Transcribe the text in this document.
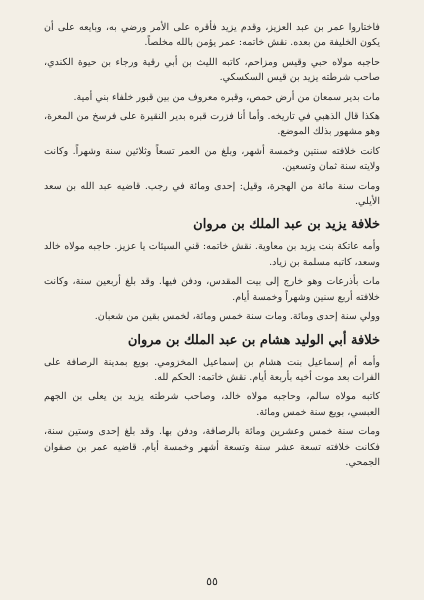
فاختاروا عمر بن عبد العزيز، وقدم يزيد فأقره على الأمر ورضي به، وبايعه على أن يكون الخليفة من بعده. نقش خاتمه: عمر يؤمن بالله مخلصاً.

حاجبه مولاه حبي وقيس ومزاحم، كاتبه الليث بن أبي رقية ورجاء بن حيوة الكندي، صاحب شرطته يزيد بن قيس السكسكي.

مات بدير سمعان من أرض حمص، وقبره معروف من بين قبور خلفاء بني أمية.

هكذا قال الذهبي في تاريخه. وأما أنا فزرت قبره بدير النقيرة على فرسخ من المعرة، وهو مشهور بذلك الموضع.

كانت خلافته سنتين وخمسة أشهر، وبلغ من العمر تسعاً وثلاثين سنة وشهراً. وكانت ولايته سنة ثمان وتسعين.

ومات سنة مائة من الهجرة، وقيل: إحدى ومائة في رجب. قاضيه عبد الله بن سعد الأيلي.

خلافة يزيد بن عبد الملك بن مروان

وأمه عاتكة بنت يزيد بن معاوية. نقش خاتمه: قني السيئات يا عزيز. حاجبه مولاه خالد وسعد، كاتبه مسلمة بن زياد.

مات بأذرعات وهو خارج إلى بيت المقدس، ودفن فيها. وقد بلغ أربعين سنة، وكانت خلافته أربع سنين وشهراً وخمسة أيام.

وولي سنة إحدى ومائة. ومات سنة خمس ومائة، لخمس بقين من شعبان.

خلافة أبي الوليد هشام بن عبد الملك بن مروان

وأمه أم إسماعيل بنت هشام بن إسماعيل المخزومي. بويع بمدينة الرصافة على الفرات بعد موت أخيه بأربعة أيام. نقش خاتمه: الحكم لله.

كاتبه مولاه سالم، وحاجبه مولاه خالد، وصاحب شرطته يزيد بن يعلى بن الجهم العبسي، بويع سنة خمس ومائة.

ومات سنة خمس وعشرين ومائة بالرصافة، ودفن بها. وقد بلغ إحدى وستين سنة، فكانت خلافته تسعة عشر سنة وتسعة أشهر وخمسة أيام. قاضيه عمر بن صفوان الجمحي.

٥٥
